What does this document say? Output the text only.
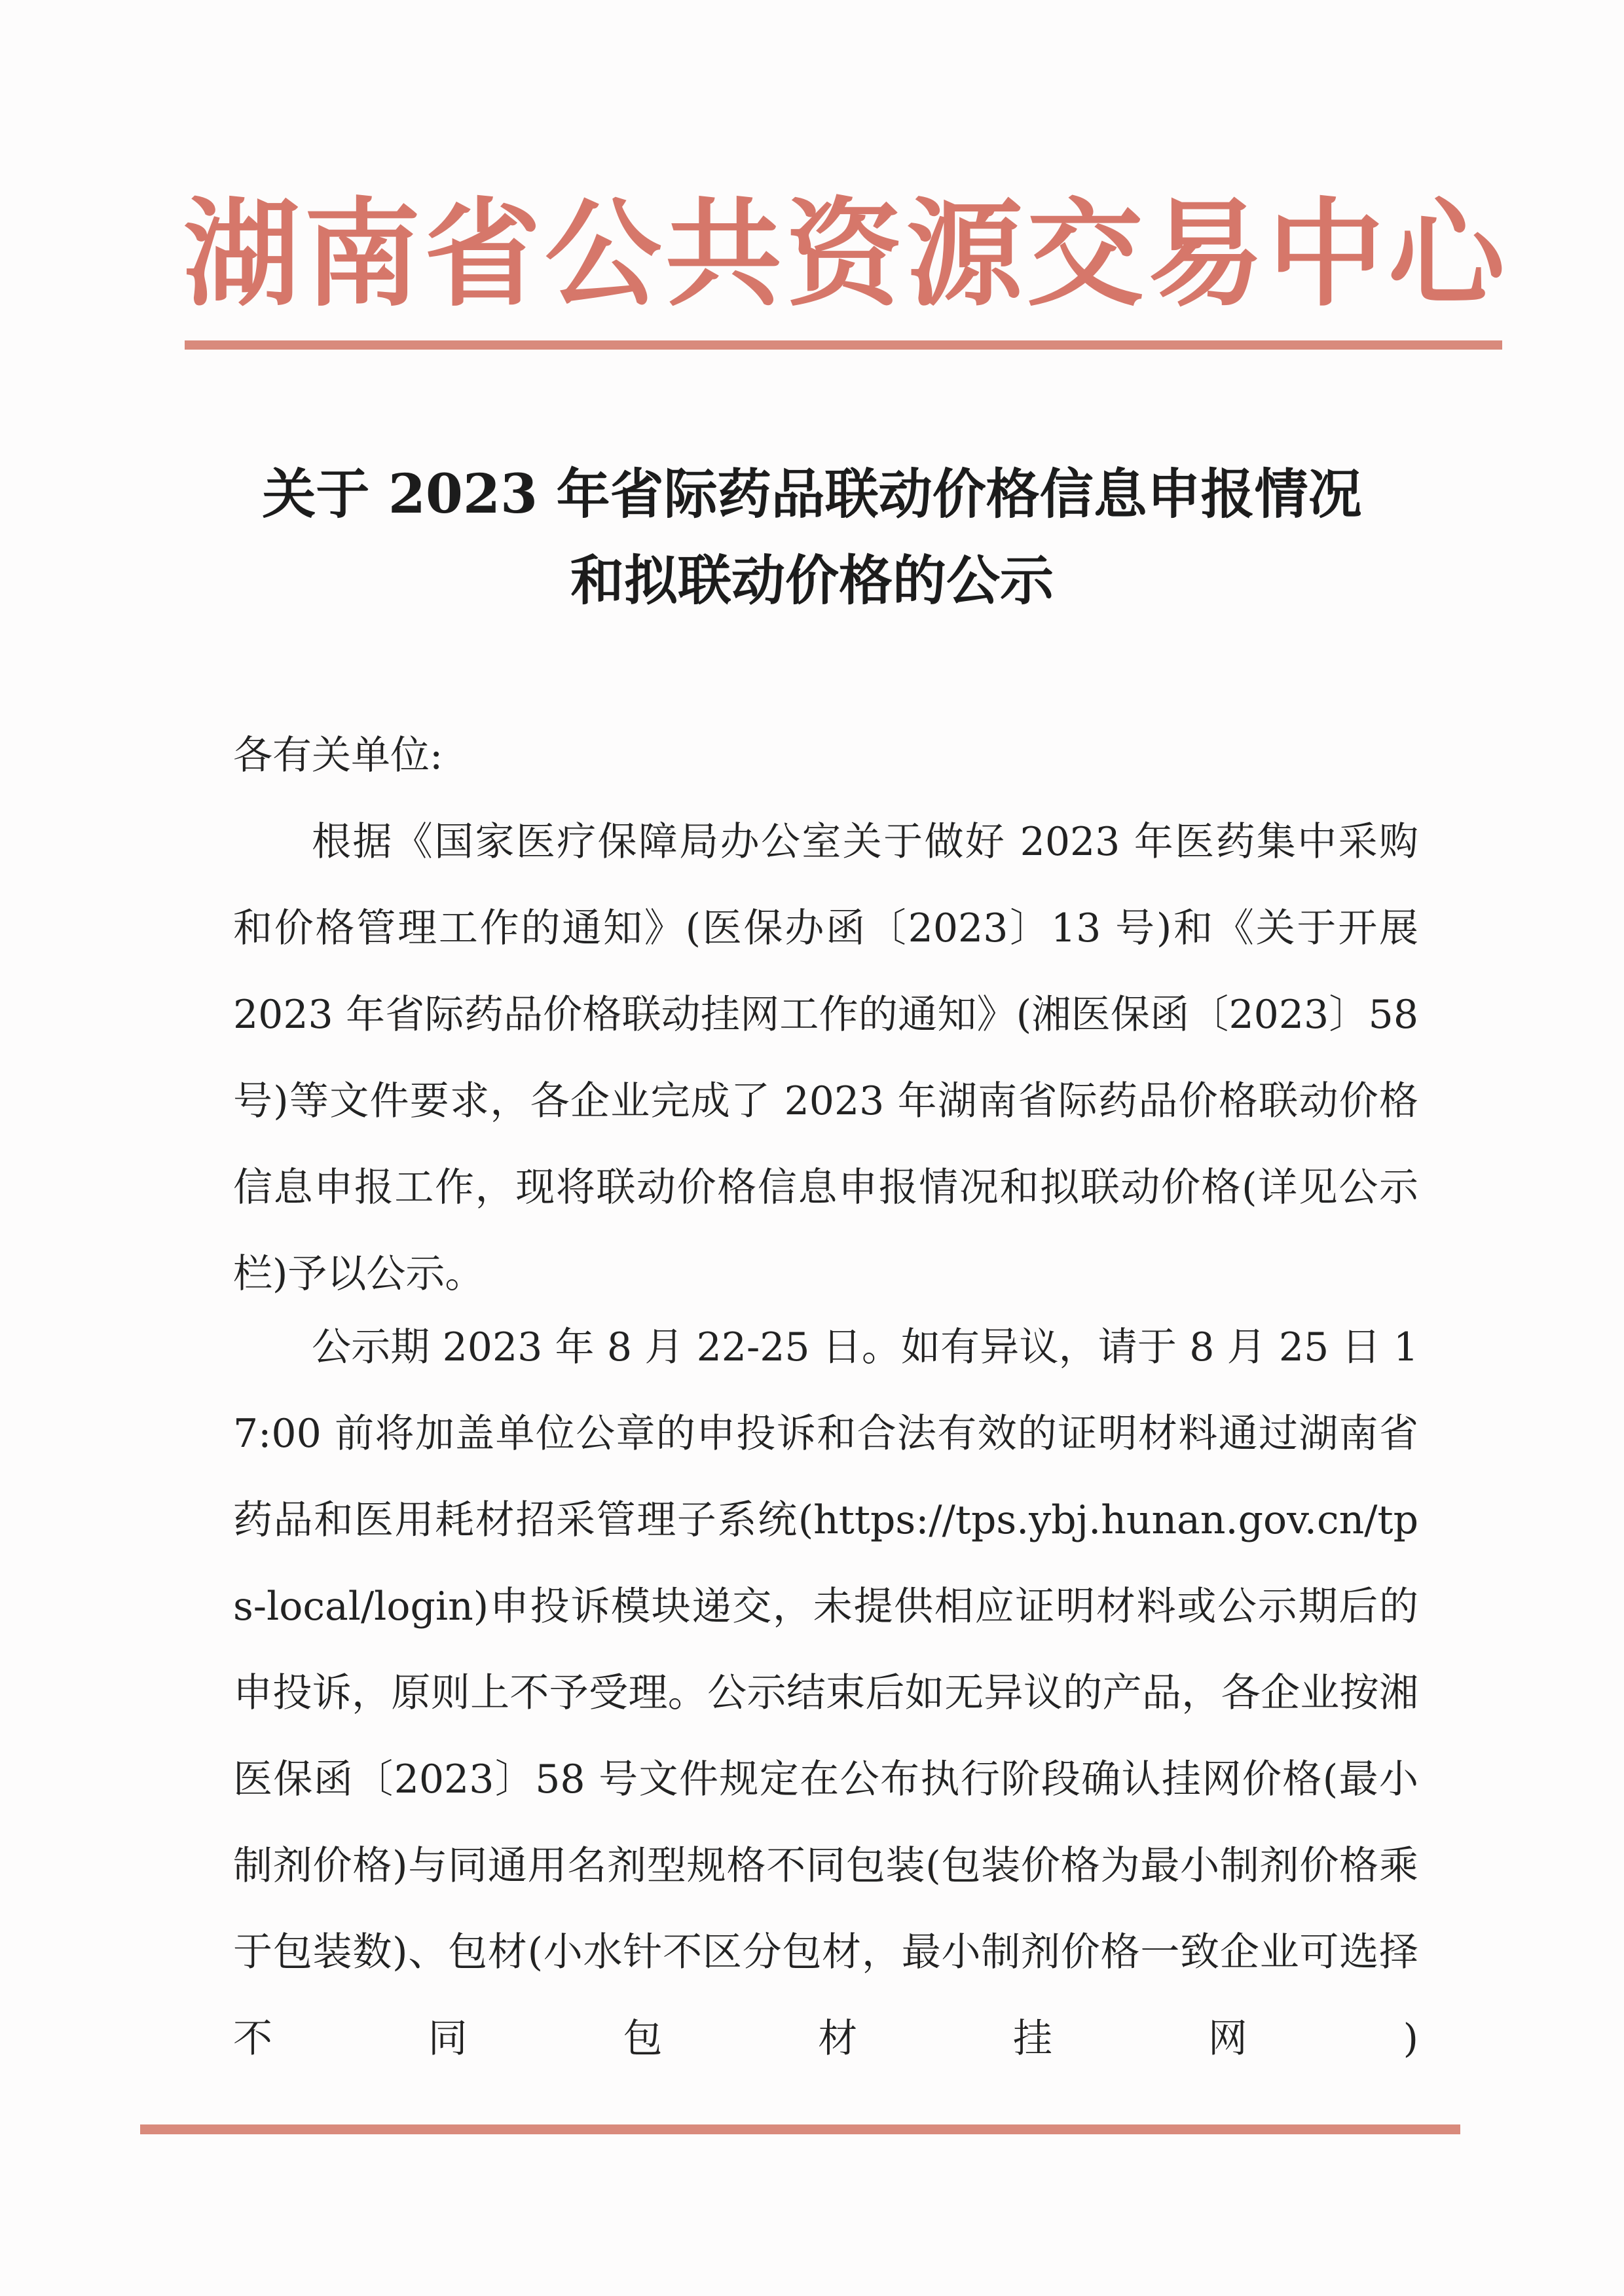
湖南省公共资源交易中心
关于 2023 年省际药品联动价格信息申报情况
和拟联动价格的公示
各有关单位:
根据《国家医疗保障局办公室关于做好 2023 年医药集中采购和价格管理工作的通知》(医保办函〔2023〕13 号)和《关于开展 2023 年省际药品价格联动挂网工作的通知》(湘医保函〔2023〕58 号)等文件要求，各企业完成了 2023 年湖南省际药品价格联动价格信息申报工作，现将联动价格信息申报情况和拟联动价格(详见公示栏)予以公示。
公示期 2023 年 8 月 22-25 日。如有异议，请于 8 月 25 日 17:00 前将加盖单位公章的申投诉和合法有效的证明材料通过湖南省药品和医用耗材招采管理子系统(https://tps.ybj.hunan.gov.cn/tps-local/login)申投诉模块递交，未提供相应证明材料或公示期后的申投诉，原则上不予受理。公示结束后如无异议的产品，各企业按湘医保函〔2023〕58 号文件规定在公布执行阶段确认挂网价格(最小制剂价格)与同通用名剂型规格不同包装(包装价格为最小制剂价格乘于包装数)、包材(小水针不区分包材，最小制剂价格一致企业可选择不同包材挂网)
